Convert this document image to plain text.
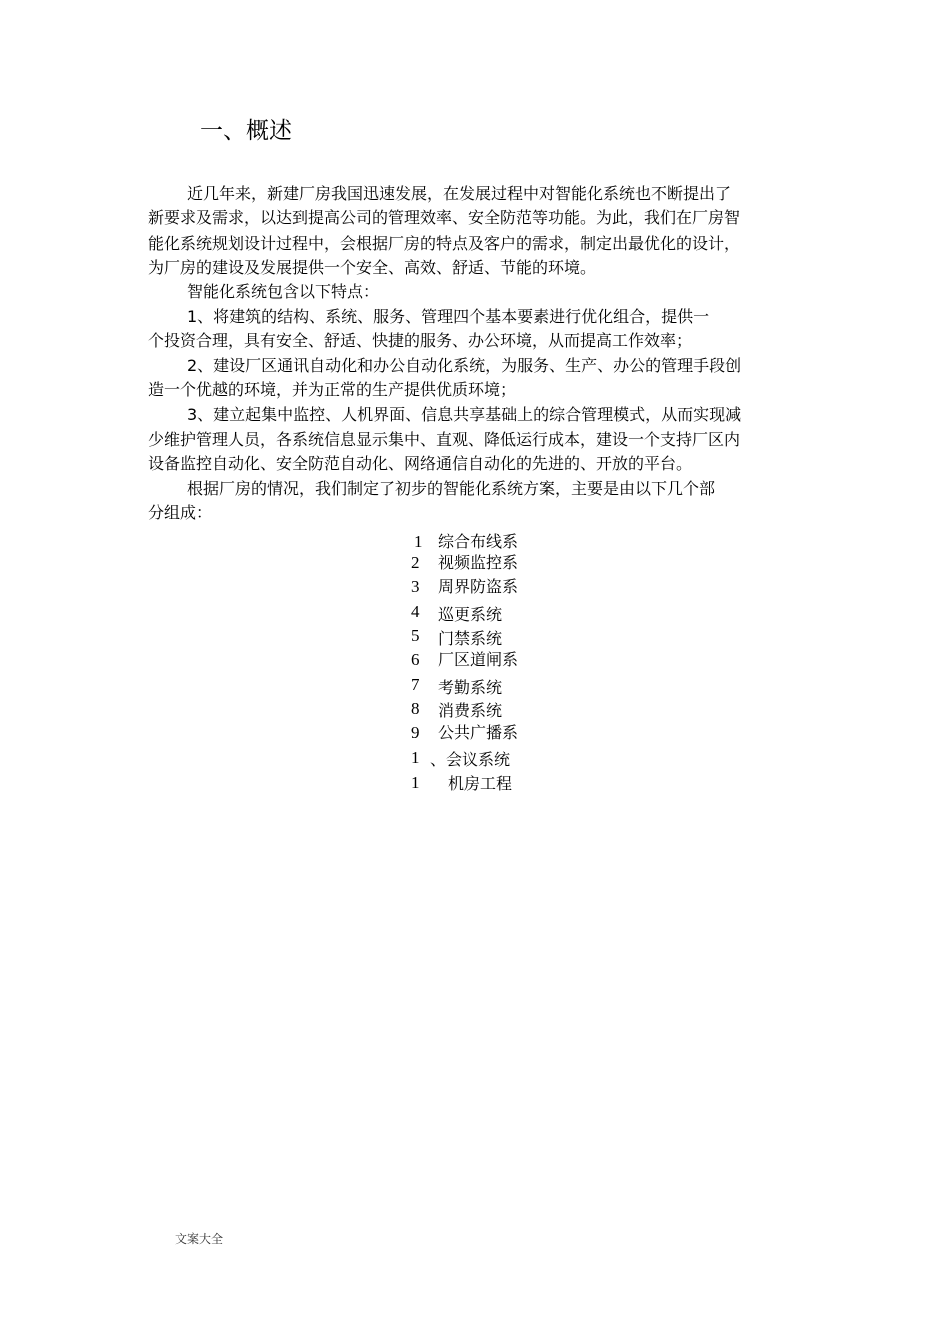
一、概述
近几年来，新建厂房我国迅速发展，在发展过程中对智能化系统也不断提出了
新要求及需求，以达到提高公司的管理效率、安全防范等功能。为此，我们在厂房智
能化系统规划设计过程中，会根据厂房的特点及客户的需求，制定出最优化的设计，
为厂房的建设及发展提供一个安全、高效、舒适、节能的环境。
智能化系统包含以下特点：
1、将建筑的结构、系统、服务、管理四个基本要素进行优化组合，提供一
个投资合理，具有安全、舒适、快捷的服务、办公环境，从而提高工作效率；
2、建设厂区通讯自动化和办公自动化系统，为服务、生产、办公的管理手段创
造一个优越的环境，并为正常的生产提供优质环境；
3、建立起集中监控、人机界面、信息共享基础上的综合管理模式，从而实现减
少维护管理人员，各系统信息显示集中、直观、降低运行成本，建设一个支持厂区内
设备监控自动化、安全防范自动化、网络通信自动化的先进的、开放的平台。
根据厂房的情况，我们制定了初步的智能化系统方案，主要是由以下几个部
分组成：
1 综合布线系
2 视频监控系
3 周界防盗系
4 巡更系统
5 门禁系统
6 厂区道闸系
7 考勤系统
8 消费系统
9 公共广播系
1 、会议系统
1 机房工程
文案大全
